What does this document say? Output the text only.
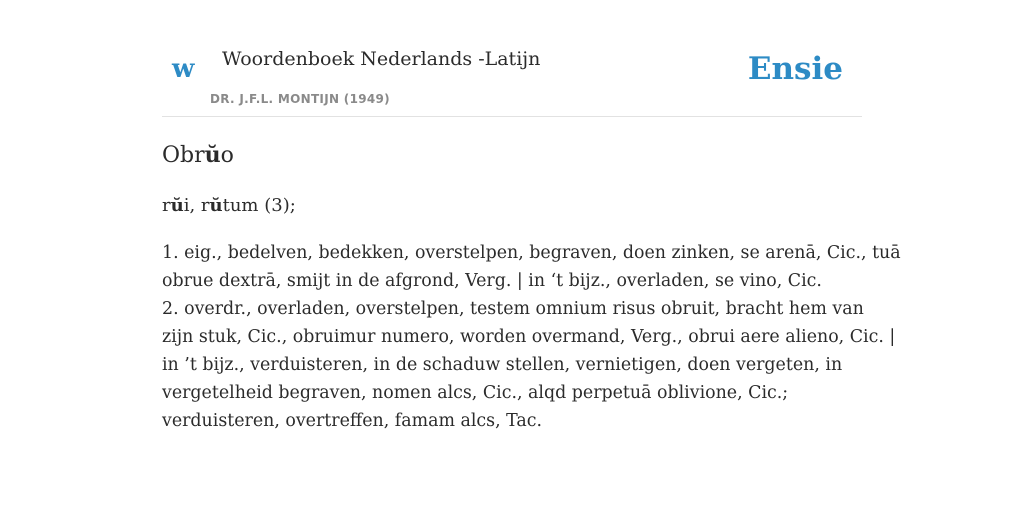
w Woordenboek Nederlands -Latijn
DR. J.F.L. MONTIJN (1949)
Ensie
Obrŭo
rŭi, rŭtum (3);
1. eig., bedelven, bedekken, overstelpen, begraven, doen zinken, se arenā, Cic., tuā
obrue dextrā, smijt in de afgrond, Verg. | in ‘t bijz., overladen, se vino, Cic.
2. overdr., overladen, overstelpen, testem omnium risus obruit, bracht hem van
zijn stuk, Cic., obruimur numero, worden overmand, Verg., obrui aere alieno, Cic. |
in ’t bijz., verduisteren, in de schaduw stellen, vernietigen, doen vergeten, in
vergetelheid begraven, nomen alcs, Cic., alqd perpetuā oblivione, Cic.;
verduisteren, overtreffen, famam alcs, Tac.
